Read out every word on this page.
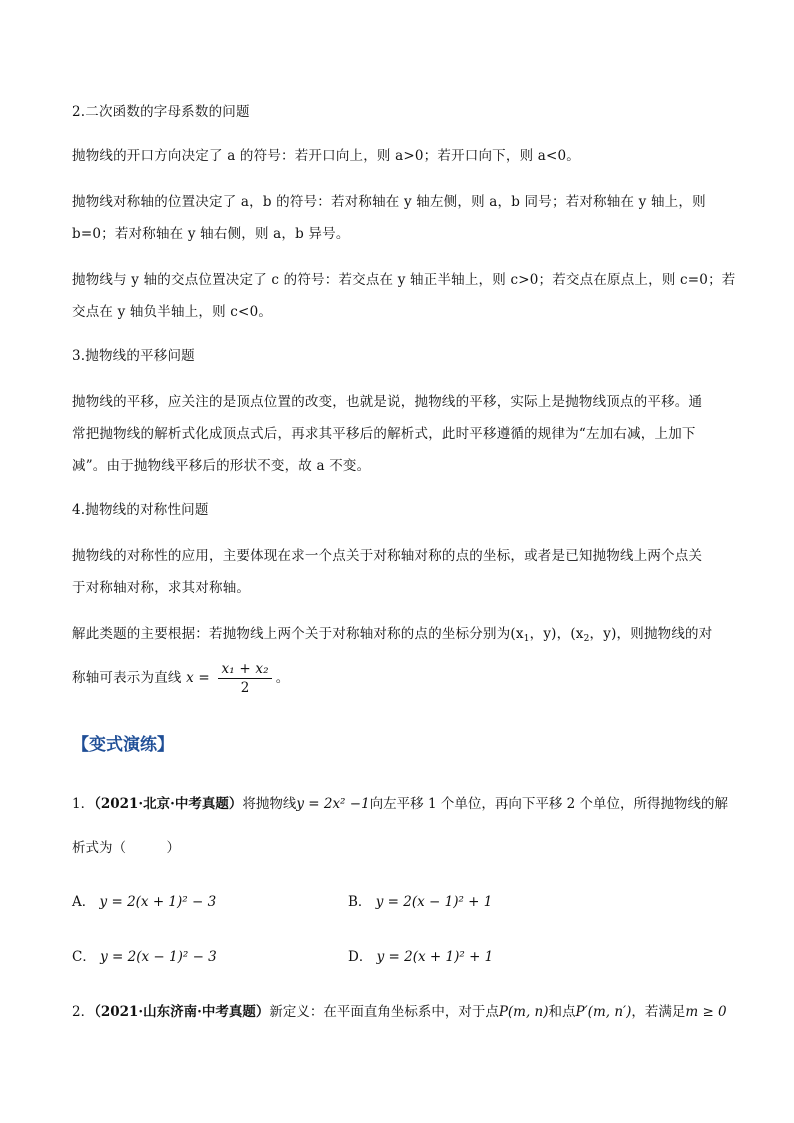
2.二次函数的字母系数的问题
抛物线的开口方向决定了 a 的符号：若开口向上，则 a>0；若开口向下，则 a<0。
抛物线对称轴的位置决定了 a，b 的符号：若对称轴在 y 轴左侧，则 a，b 同号；若对称轴在 y 轴上，则
b=0；若对称轴在 y 轴右侧，则 a，b 异号。
抛物线与 y 轴的交点位置决定了 c 的符号：若交点在 y 轴正半轴上，则 c>0；若交点在原点上，则 c=0；若
交点在 y 轴负半轴上，则 c<0。
3.抛物线的平移问题
抛物线的平移，应关注的是顶点位置的改变，也就是说，抛物线的平移，实际上是抛物线顶点的平移。通
常把抛物线的解析式化成顶点式后，再求其平移后的解析式，此时平移遵循的规律为“左加右减，上加下
减”。由于抛物线平移后的形状不变，故 a 不变。
4.抛物线的对称性问题
抛物线的对称性的应用，主要体现在求一个点关于对称轴对称的点的坐标，或者是已知抛物线上两个点关
于对称轴对称，求其对称轴。
解此类题的主要根据：若抛物线上两个关于对称轴对称的点的坐标分别为($x_1$，y)，($x_2$，y)，则抛物线的对
称轴可表示为直线 $x = \frac{\text{x₁ + x₂}}{2}$ 。
【变式演练】
1．（2021·北京·中考真题）将抛物线y = 2x² −1向左平移 1 个单位，再向下平移 2 个单位，所得抛物线的解
析式为（　　　）
A． y = 2(x + 1)² − 3	B． y = 2(x − 1)² + 1
C． y = 2(x − 1)² − 3	D． y = 2(x + 1)² + 1
2．（2021·山东济南·中考真题）新定义：在平面直角坐标系中，对于点P(m, n)和点P′(m, n′)，若满足m ≥ 0
